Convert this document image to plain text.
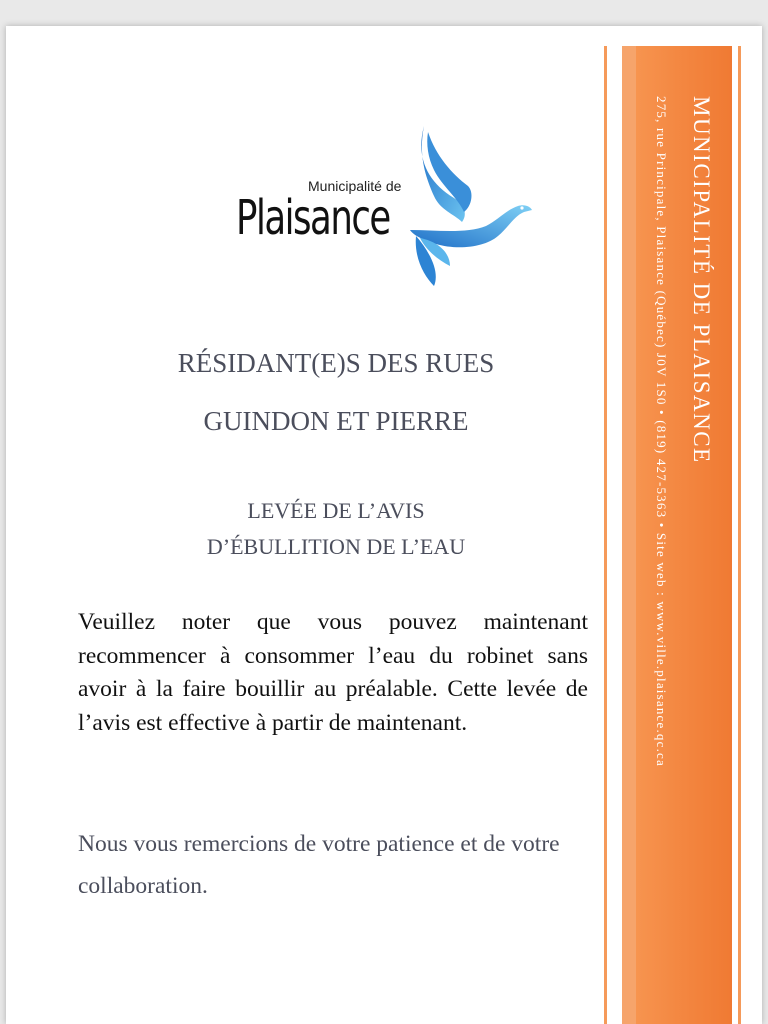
Municipalité de
Plaisance
RÉSIDANT(E)S DES RUES
GUINDON ET PIERRE
LEVÉE DE L’AVIS
D’ÉBULLITION DE L’EAU
Veuillez noter que vous pouvez maintenant recommencer à consommer l’eau du robinet sans avoir à la faire bouillir au préalable. Cette levée de l’avis est effective à partir de maintenant.
Nous vous remercions de votre patience et de votre collaboration.
MUNICIPALITÉ DE PLAISANCE
275, rue Principale, Plaisance (Québec) J0V 1S0 • (819) 427-5363 • Site web : www.ville.plaisance.qc.ca
